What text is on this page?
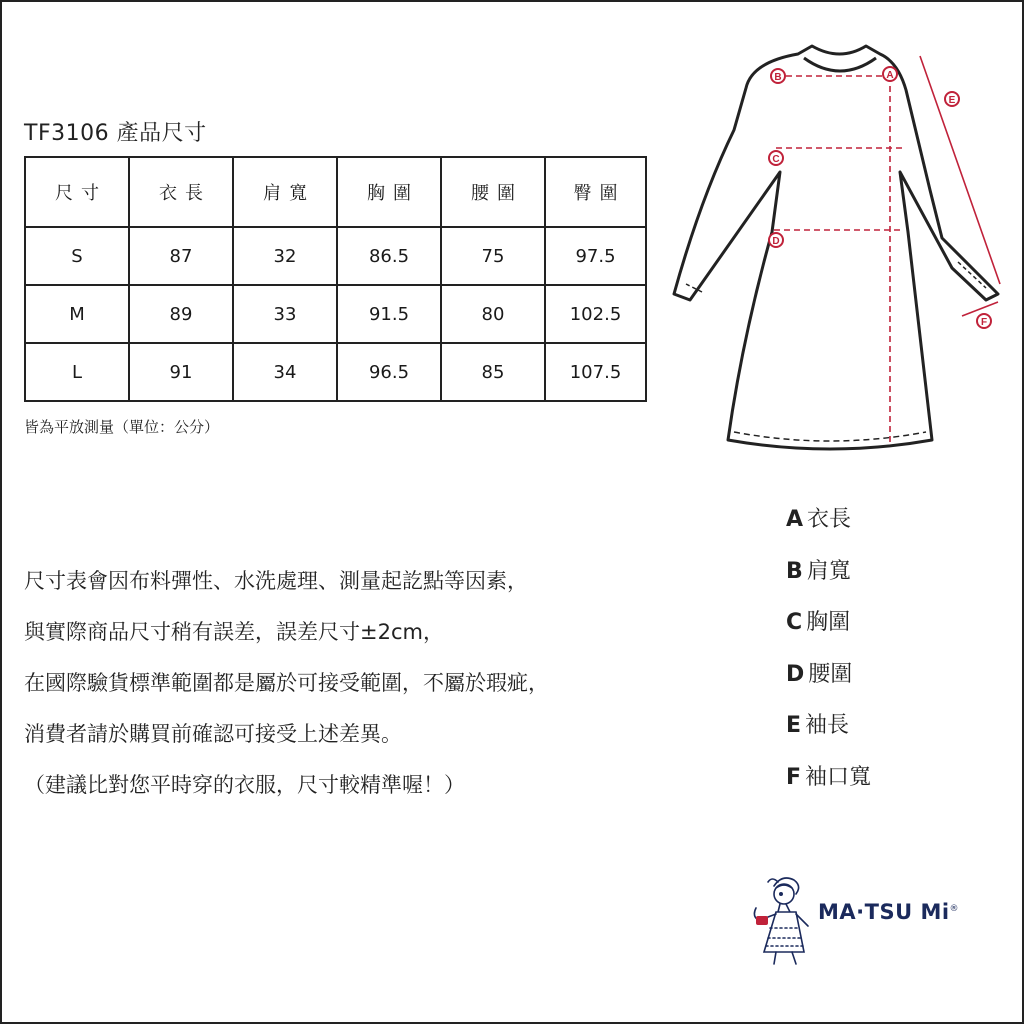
TF3106 產品尺寸
尺寸	衣長	肩寬	胸圍	腰圍	臀圍
S	87	32	86.5	75	97.5
M	89	33	91.5	80	102.5
L	91	34	96.5	85	107.5
皆為平放測量（單位：公分）
尺寸表會因布料彈性、水洗處理、測量起訖點等因素，
與實際商品尺寸稍有誤差，誤差尺寸±2cm，
在國際驗貨標準範圍都是屬於可接受範圍，不屬於瑕疵，
消費者請於購買前確認可接受上述差異。
（建議比對您平時穿的衣服，尺寸較精準喔！）
A
B
C
D
E
F
A 衣長
B 肩寬
C 胸圍
D 腰圍
E 袖長
F 袖口寬
MA·TSU Mi®
